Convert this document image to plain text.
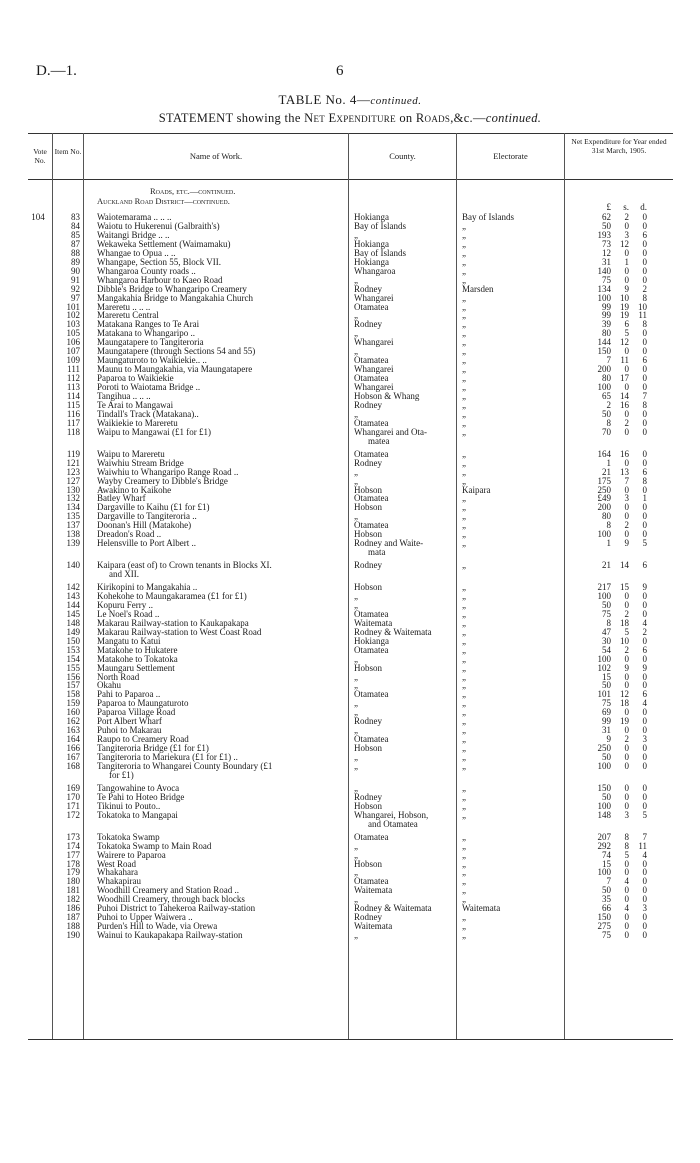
D.—1.	6
TABLE No. 4—continued.
STATEMENT showing the Net Expenditure on Roads,&c.—continued.
Vote No.
Item No.	Name of Work.	County.	Electorate
Net Expenditure for Year ended 31st March, 1905.
Roads, etc.—continued.
Auckland Road District—continued.
£	s.	d.
104	83 Waiotemarama .. .. ..	Hokianga	Bay of Islands	62	2	0
84 Waiotu to Hukerenui (Galbraith's)	Bay of Islands	„	50	0	0
85 Waitangi Bridge .. ..	„	„	193	3	6
87 Wekaweka Settlement (Waimamaku)	Hokianga	„	73	12	0
88 Whangae to Opua .. ..	Bay of Islands	„	12	0	0
89 Whangape, Section 55, Block VII.	Hokianga	„	31	1	0
90 Whangaroa County roads ..	Whangaroa	„	140	0	0
91 Whangaroa Harbour to Kaeo Road	„	„	75	0	0
92 Dibble's Bridge to Whangaripo Creamery	Rodney	Marsden	134	9	2
97 Mangakahia Bridge to Mangakahia Church	Whangarei	„	100	10	8
101 Mareretu .. .. ..	Otamatea	„	99	19	10
102 Mareretu Central	„	„	99	19	11
103 Matakana Ranges to Te Arai	Rodney	„	39	6	8
105 Matakana to Whangaripo ..	„	„	80	5	0
106 Maungatapere to Tangiteroria	Whangarei	„	144	12	0
107 Maungatapere (through Sections 54 and 55)	„	„	150	0	0
109 Maungaturoto to Waikiekie.. ..	Otamatea	„	7	11	6
111 Maunu to Maungakahia, via Maungatapere	Whangarei	„	200	0	0
112 Paparoa to Waikiekie	Otamatea	„	80	17	0
113 Poroti to Waiotama Bridge ..	Whangarei	„	100	0	0
114 Tangihua .. .. ..	Hobson & Whang	„	65	14	7
115 Te Arai to Mangawai	Rodney	„	2	16	8
116 Tindall's Track (Matakana)..	„	„	50	0	0
117 Waikiekie to Mareretu	Otamatea	„	8	2	0
118 Waipu to Mangawai (£1 for £1)	Whangarei and Ota-	„	70	0	0
matea
119 Waipu to Mareretu	Otamatea	„	164	16	0
121 Waiwhiu Stream Bridge	Rodney	„	1	0	0
123 Waiwhiu to Whangaripo Range Road ..	„	„	21	13	6
127 Wayby Creamery to Dibble's Bridge	„	„	175	7	8
130 Awakino to Kaikohe	Hobson	Kaipara	250	0	0
132 Batley Wharf	Otamatea	„	£49	3	1
134 Dargaville to Kaihu (£1 for £1)	Hobson	„	200	0	0
135 Dargaville to Tangiteroria ..	„	„	80	0	0
137 Doonan's Hill (Matakohe)	Otamatea	„	8	2	0
138 Dreadon's Road ..	Hobson	„	100	0	0
139 Helensville to Port Albert ..	Rodney and Waite-	„	1	9	5
mata
140 Kaipara (east of) to Crown tenants in Blocks XI.	Rodney	„	21	14	6
and XII.
142 Kirikopini to Mangakahia ..	Hobson	„	217	15	9
143 Kohekohe to Maungakaramea (£1 for £1)	„	„	100	0	0
144 Kopuru Ferry ..	„	„	50	0	0
145 Le Noel's Road ..	Otamatea	„	75	2	0
148 Makarau Railway-station to Kaukapakapa	Waitemata	„	8	18	4
149 Makarau Railway-station to West Coast Road	Rodney & Waitemata	„	47	5	2
150 Mangatu to Katui	Hokianga	„	30	10	0
153 Matakohe to Hukatere	Otamatea	„	54	2	6
154 Matakohe to Tokatoka	„	„	100	0	0
155 Maungaru Settlement	Hobson	„	102	9	9
156 North Road	„	„	15	0	0
157 Okahu	„	„	50	0	0
158 Pahi to Paparoa ..	Otamatea	„	101	12	6
159 Paparoa to Maungaturoto	„	„	75	18	4
160 Paparoa Village Road	„	„	69	0	0
162 Port Albert Wharf	Rodney	„	99	19	0
163 Puhoi to Makarau	„	„	31	0	0
164 Raupo to Creamery Road	Otamatea	„	9	2	3
166 Tangiteroria Bridge (£1 for £1)	Hobson	„	250	0	0
167 Tangiteroria to Mariekura (£1 for £1) ..	„	„	50	0	0
168 Tangiteroria to Whangarei County Boundary (£1	„	„	100	0	0
for £1)
169 Tangowahine to Avoca	„	„	150	0	0
170 Te Pahi to Hoteo Bridge	Rodney	„	50	0	0
171 Tikinui to Pouto..	Hobson	„	100	0	0
172 Tokatoka to Mangapai	Whangarei, Hobson,	„	148	3	5
and Otamatea
173 Tokatoka Swamp	Otamatea	„	207	8	7
174 Tokatoka Swamp to Main Road	„	„	292	8	11
177 Wairere to Paparoa	„	„	74	5	4
178 West Road	Hobson	„	15	0	0
179 Whakahara	„	„	100	0	0
180 Whakapirau	Otamatea	„	7	4	0
181 Woodhill Creamery and Station Road ..	Waitemata	„	50	0	0
182 Woodhill Creamery, through back blocks	„	„	35	0	0
186 Puhoi District to Tahekeroa Railway-station	Rodney & Waitemata	Waitemata	66	4	3
187 Puhoi to Upper Waiwera ..	Rodney	„	150	0	0
188 Purden's Hill to Wade, via Orewa	Waitemata	„	275	0	0
190 Wainui to Kaukapakapa Railway-station	„	„	75	0	0
